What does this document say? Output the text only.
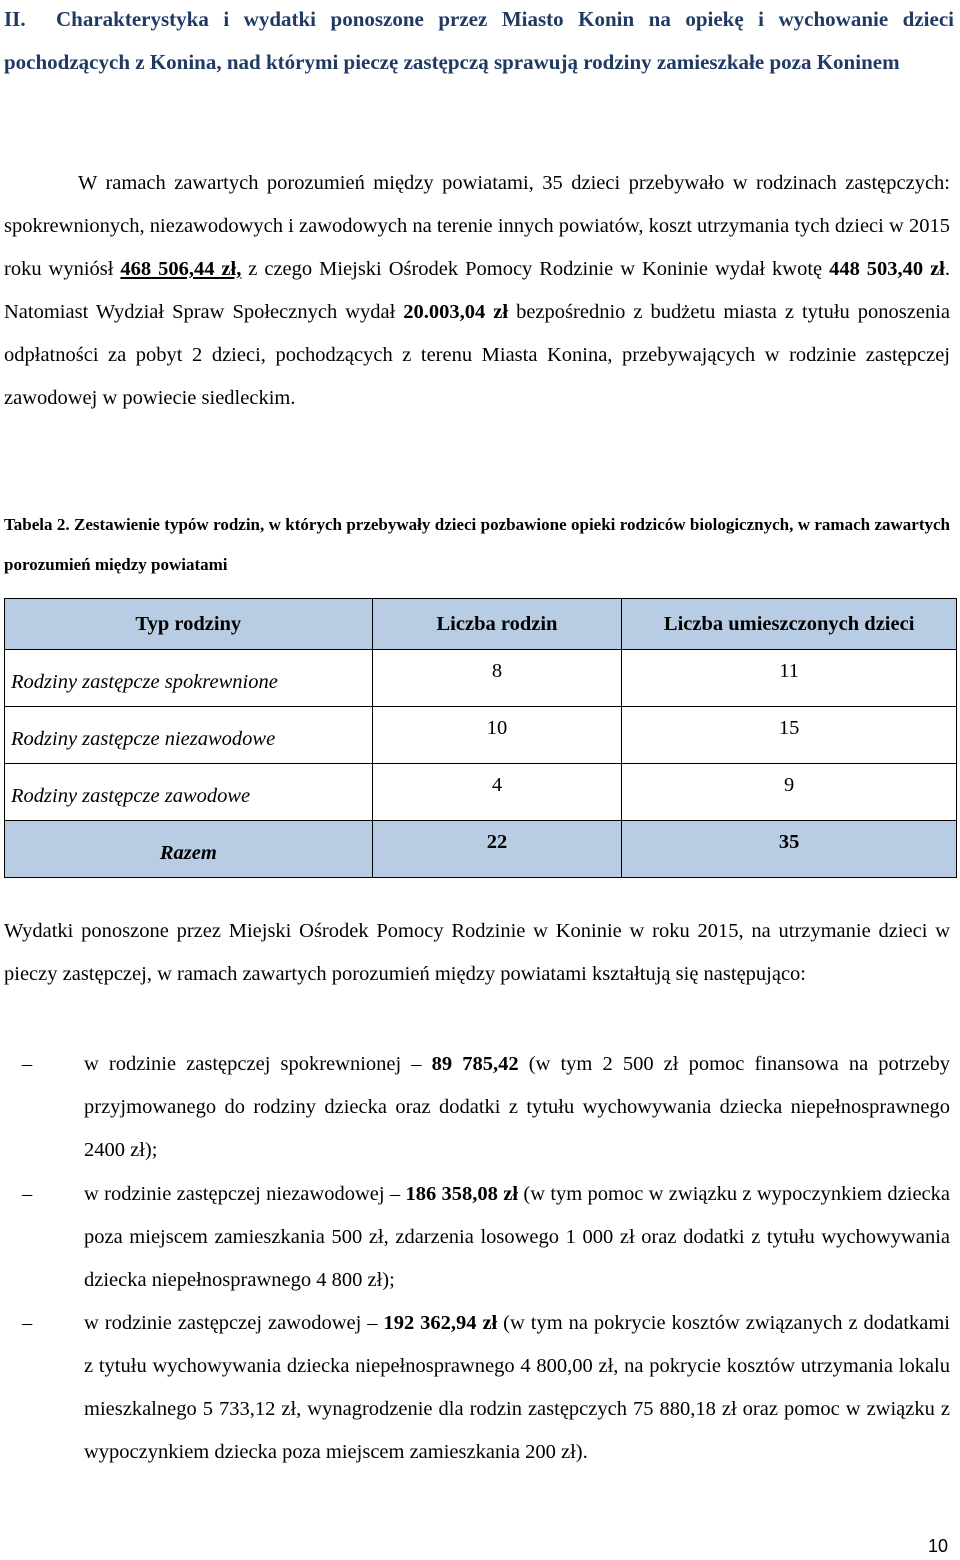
II. Charakterystyka i wydatki ponoszone przez Miasto Konin na opiekę i wychowanie dzieci pochodzących z Konina, nad którymi pieczę zastępczą sprawują rodziny zamieszkałe poza Koninem

W ramach zawartych porozumień między powiatami, 35 dzieci przebywało w rodzinach zastępczych: spokrewnionych, niezawodowych i zawodowych na terenie innych powiatów, koszt utrzymania tych dzieci w 2015 roku wyniósł 468 506,44 zł, z czego Miejski Ośrodek Pomocy Rodzinie w Koninie wydał kwotę 448 503,40 zł. Natomiast Wydział Spraw Społecznych wydał 20.003,04 zł bezpośrednio z budżetu miasta z tytułu ponoszenia odpłatności za pobyt 2 dzieci, pochodzących z terenu Miasta Konina, przebywających w rodzinie zastępczej zawodowej w powiecie siedleckim.

Tabela 2. Zestawienie typów rodzin, w których przebywały dzieci pozbawione opieki rodziców biologicznych, w ramach zawartych porozumień między powiatami
Typ rodziny	Liczba rodzin	Liczba umieszczonych dzieci
Rodziny zastępcze spokrewnione	8	11
Rodziny zastępcze niezawodowe	10	15
Rodziny zastępcze zawodowe	4	9
Razem	22	35
Wydatki ponoszone przez Miejski Ośrodek Pomocy Rodzinie w Koninie w roku 2015, na utrzymanie dzieci w pieczy zastępczej, w ramach zawartych porozumień między powiatami kształtują się następująco:
–	w rodzinie zastępczej spokrewnionej – 89 785,42 (w tym 2 500 zł pomoc finansowa na potrzeby przyjmowanego do rodziny dziecka oraz dodatki z tytułu wychowywania dziecka niepełnosprawnego 2400 zł);
–	w rodzinie zastępczej niezawodowej – 186 358,08 zł (w tym pomoc w związku z wypoczynkiem dziecka poza miejscem zamieszkania 500 zł, zdarzenia losowego 1 000 zł oraz dodatki z tytułu wychowywania dziecka niepełnosprawnego 4 800 zł);
–	w rodzinie zastępczej zawodowej – 192 362,94 zł (w tym na pokrycie kosztów związanych z dodatkami z tytułu wychowywania dziecka niepełnosprawnego 4 800,00 zł, na pokrycie kosztów utrzymania lokalu mieszkalnego 5 733,12 zł, wynagrodzenie dla rodzin zastępczych 75 880,18 zł oraz pomoc w związku z wypoczynkiem dziecka poza miejscem zamieszkania 200 zł).
10
